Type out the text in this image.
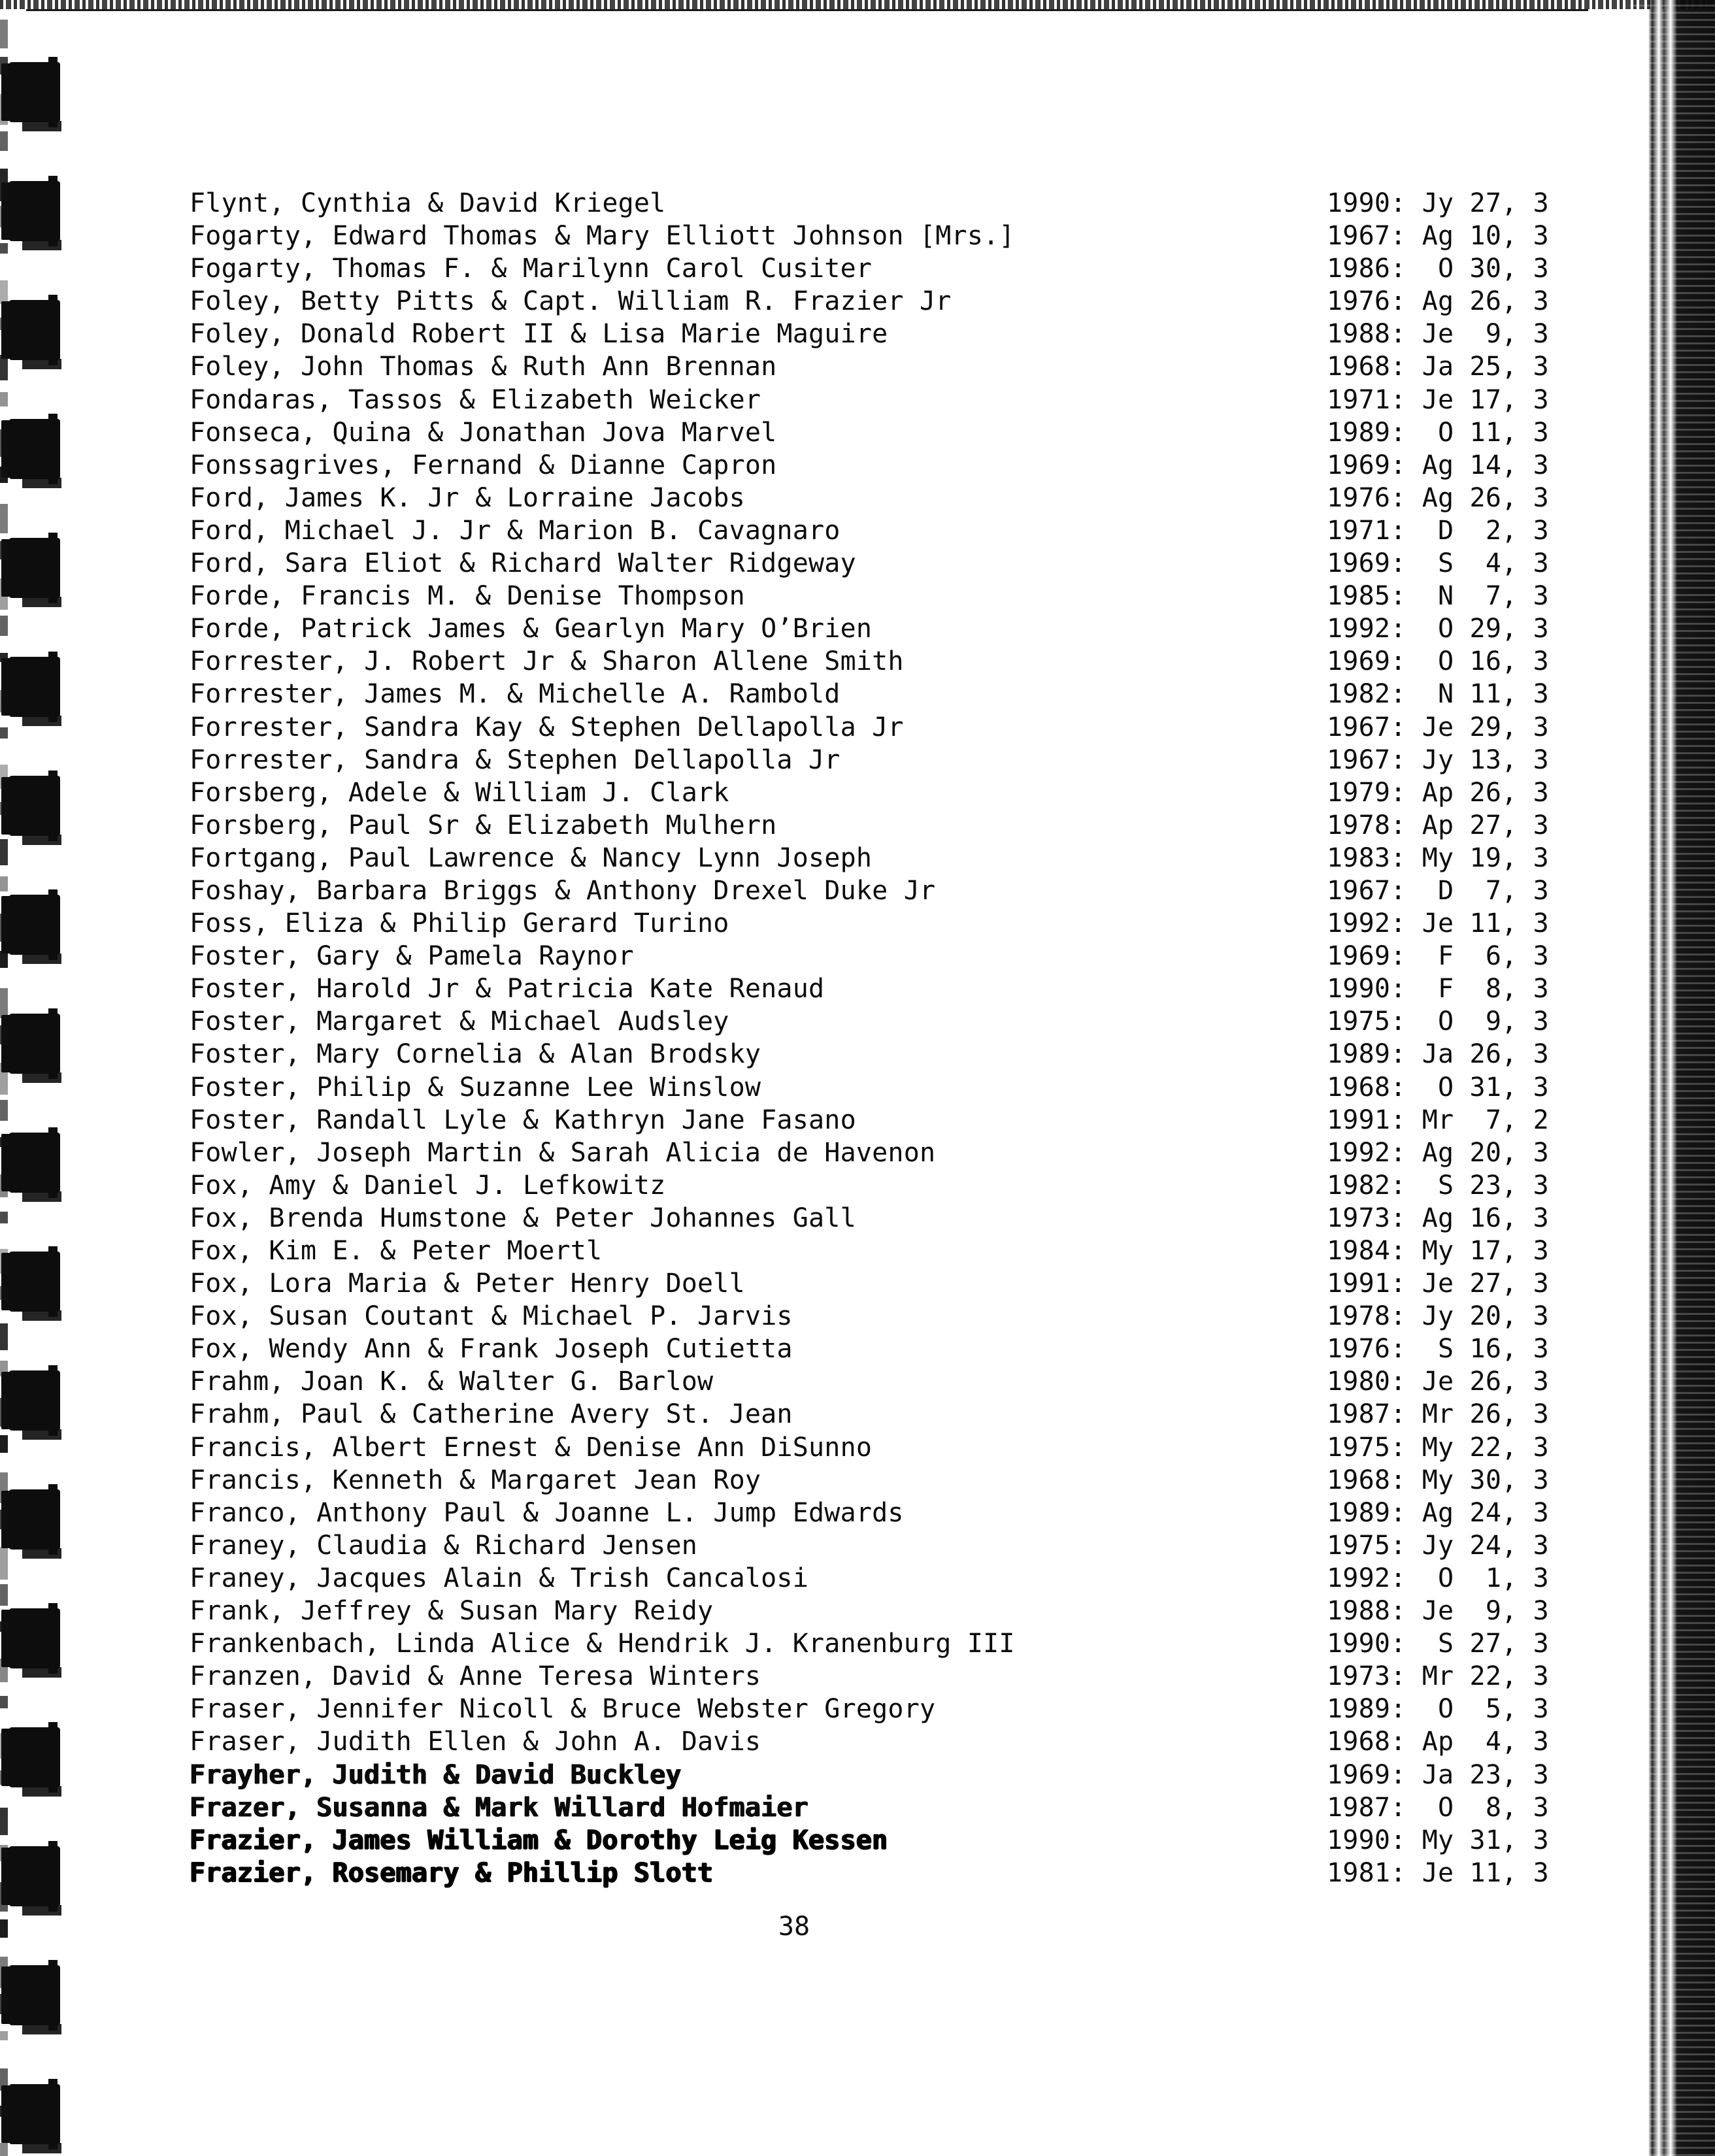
Flynt, Cynthia & David Kriegel	1990: Jy 27, 3
Fogarty, Edward Thomas & Mary Elliott Johnson [Mrs.]	1967: Ag 10, 3
Fogarty, Thomas F. & Marilynn Carol Cusiter	1986:  O 30, 3
Foley, Betty Pitts & Capt. William R. Frazier Jr	1976: Ag 26, 3
Foley, Donald Robert II & Lisa Marie Maguire	1988: Je  9, 3
Foley, John Thomas & Ruth Ann Brennan	1968: Ja 25, 3
Fondaras, Tassos & Elizabeth Weicker	1971: Je 17, 3
Fonseca, Quina & Jonathan Jova Marvel	1989:  O 11, 3
Fonssagrives, Fernand & Dianne Capron	1969: Ag 14, 3
Ford, James K. Jr & Lorraine Jacobs	1976: Ag 26, 3
Ford, Michael J. Jr & Marion B. Cavagnaro	1971:  D  2, 3
Ford, Sara Eliot & Richard Walter Ridgeway	1969:  S  4, 3
Forde, Francis M. & Denise Thompson	1985:  N  7, 3
Forde, Patrick James & Gearlyn Mary O’Brien	1992:  O 29, 3
Forrester, J. Robert Jr & Sharon Allene Smith	1969:  O 16, 3
Forrester, James M. & Michelle A. Rambold	1982:  N 11, 3
Forrester, Sandra Kay & Stephen Dellapolla Jr	1967: Je 29, 3
Forrester, Sandra & Stephen Dellapolla Jr	1967: Jy 13, 3
Forsberg, Adele & William J. Clark	1979: Ap 26, 3
Forsberg, Paul Sr & Elizabeth Mulhern	1978: Ap 27, 3
Fortgang, Paul Lawrence & Nancy Lynn Joseph	1983: My 19, 3
Foshay, Barbara Briggs & Anthony Drexel Duke Jr	1967:  D  7, 3
Foss, Eliza & Philip Gerard Turino	1992: Je 11, 3
Foster, Gary & Pamela Raynor	1969:  F  6, 3
Foster, Harold Jr & Patricia Kate Renaud	1990:  F  8, 3
Foster, Margaret & Michael Audsley	1975:  O  9, 3
Foster, Mary Cornelia & Alan Brodsky	1989: Ja 26, 3
Foster, Philip & Suzanne Lee Winslow	1968:  O 31, 3
Foster, Randall Lyle & Kathryn Jane Fasano	1991: Mr  7, 2
Fowler, Joseph Martin & Sarah Alicia de Havenon	1992: Ag 20, 3
Fox, Amy & Daniel J. Lefkowitz	1982:  S 23, 3
Fox, Brenda Humstone & Peter Johannes Gall	1973: Ag 16, 3
Fox, Kim E. & Peter Moertl	1984: My 17, 3
Fox, Lora Maria & Peter Henry Doell	1991: Je 27, 3
Fox, Susan Coutant & Michael P. Jarvis	1978: Jy 20, 3
Fox, Wendy Ann & Frank Joseph Cutietta	1976:  S 16, 3
Frahm, Joan K. & Walter G. Barlow	1980: Je 26, 3
Frahm, Paul & Catherine Avery St. Jean	1987: Mr 26, 3
Francis, Albert Ernest & Denise Ann DiSunno	1975: My 22, 3
Francis, Kenneth & Margaret Jean Roy	1968: My 30, 3
Franco, Anthony Paul & Joanne L. Jump Edwards	1989: Ag 24, 3
Franey, Claudia & Richard Jensen	1975: Jy 24, 3
Franey, Jacques Alain & Trish Cancalosi	1992:  O  1, 3
Frank, Jeffrey & Susan Mary Reidy	1988: Je  9, 3
Frankenbach, Linda Alice & Hendrik J. Kranenburg III	1990:  S 27, 3
Franzen, David & Anne Teresa Winters	1973: Mr 22, 3
Fraser, Jennifer Nicoll & Bruce Webster Gregory	1989:  O  5, 3
Fraser, Judith Ellen & John A. Davis	1968: Ap  4, 3
Frayher, Judith & David Buckley	1969: Ja 23, 3
Frazer, Susanna & Mark Willard Hofmaier	1987:  O  8, 3
Frazier, James William & Dorothy Leig Kessen	1990: My 31, 3
Frazier, Rosemary & Phillip Slott	1981: Je 11, 3
38
